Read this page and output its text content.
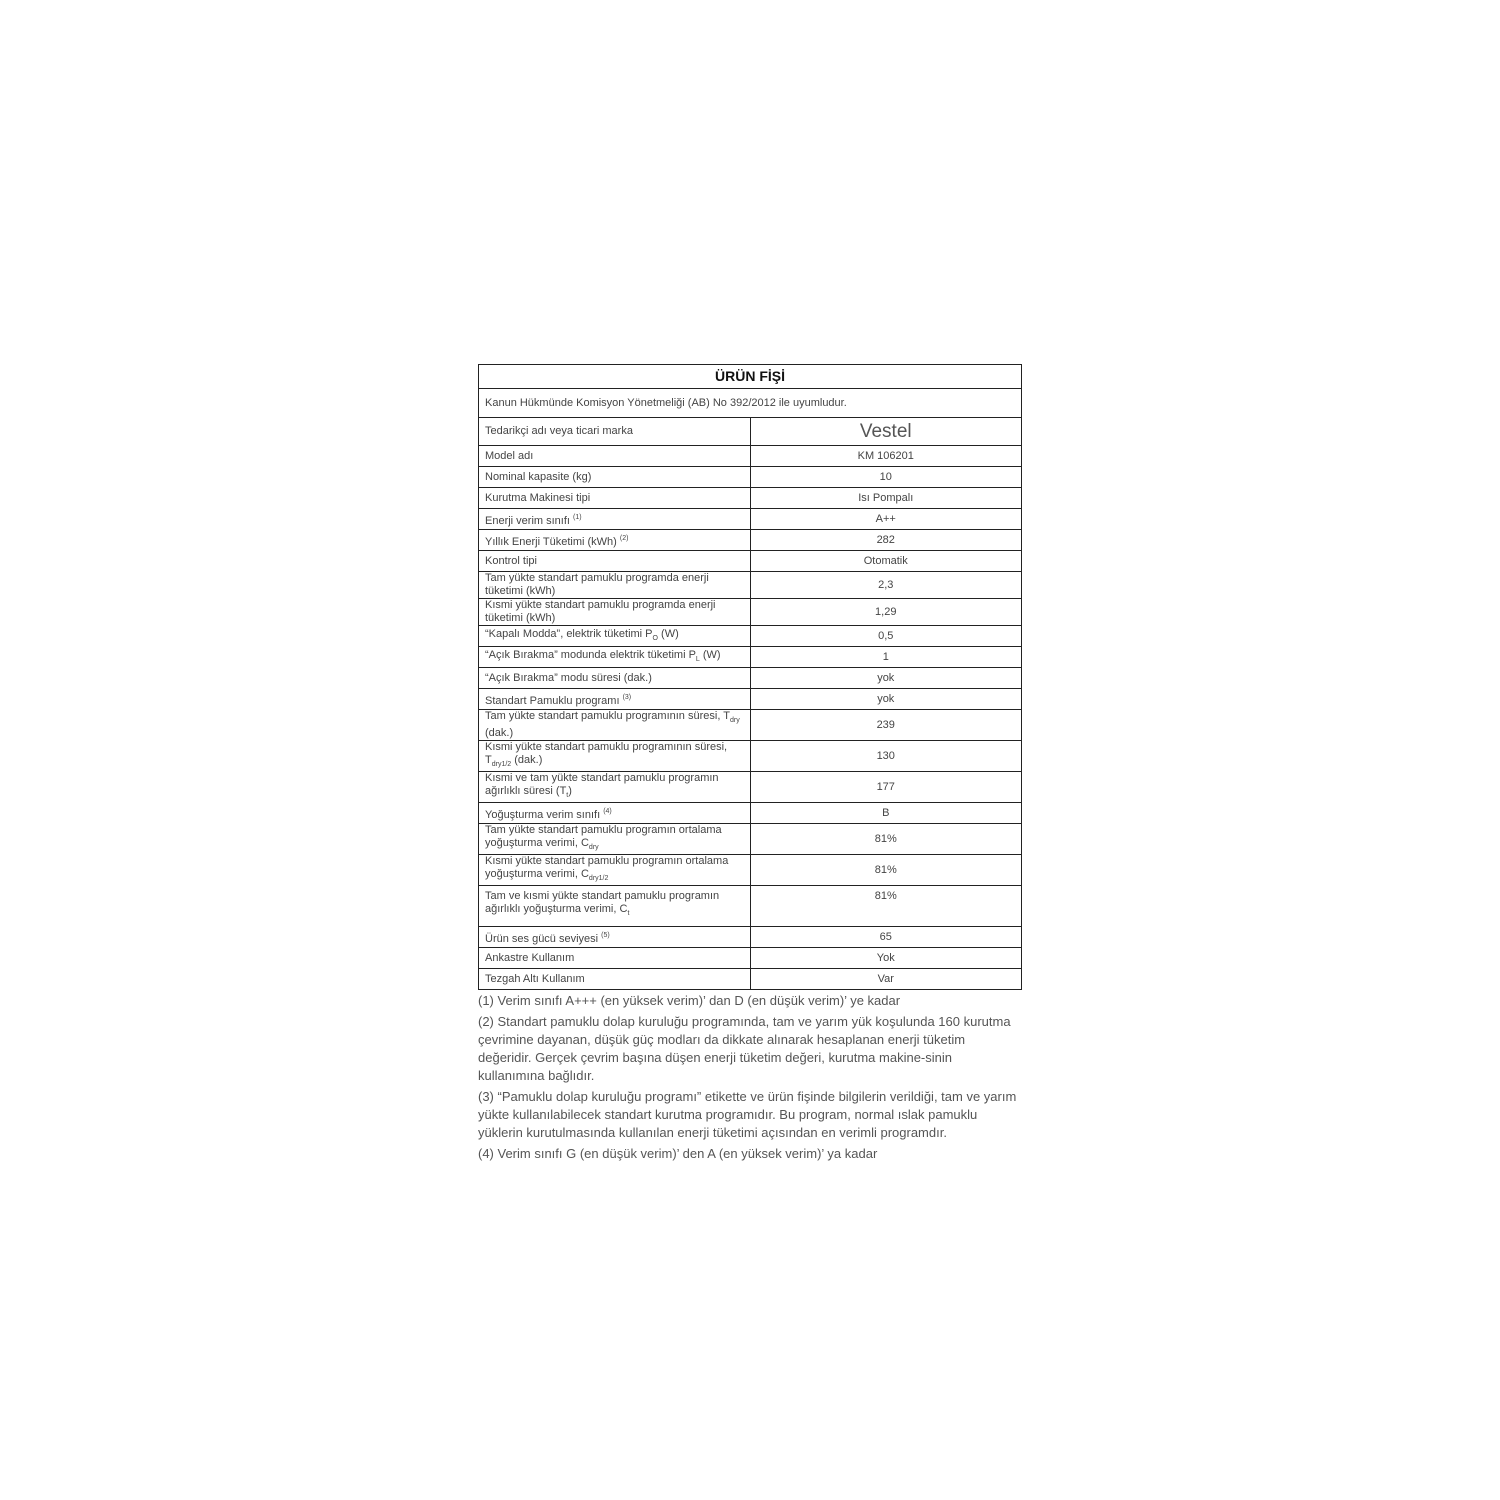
ÜRÜN FİŞİ	
Kanun Hükmünde Komisyon Yönetmeliği (AB) No 392/2012 ile uyumludur.	
Tedarikçi adı veya ticari marka	Vestel
Model adı	KM 106201
Nominal kapasite (kg)	10
Kurutma Makinesi tipi	Isı Pompalı
Enerji verim sınıfı $^{(1)}$	A++
Yıllık Enerji Tüketimi (kWh) $^{(2)}$	282
Kontrol tipi	Otomatik
Tam yükte standart pamuklu programda enerji tüketimi (kWh)	2,3
Kısmi yükte standart pamuklu programda enerji tüketimi (kWh)	1,29
“Kapalı Modda”, elektrik tüketimi $P_O$ (W)	0,5
“Açık Bırakma” modunda elektrik tüketimi $P_L$ (W)	1
“Açık Bırakma” modu süresi (dak.)	yok
Standart Pamuklu programı $^{(3)}$	yok
Tam yükte standart pamuklu programının süresi, $T_{dry}$ (dak.)	239
Kısmi yükte standart pamuklu programının süresi, $T_{dry1/2}$ (dak.)	130
Kısmi ve tam yükte standart pamuklu programın ağırlıklı süresi $(T_t)$	177
Yoğuşturma verim sınıfı $^{(4)}$	B
Tam yükte standart pamuklu programın ortalama yoğuşturma verimi, $C_{dry}$	81%
Kısmi yükte standart pamuklu programın ortalama yoğuşturma verimi, $C_{dry1/2}$	81%
Tam ve kısmi yükte standart pamuklu programın ağırlıklı yoğuşturma verimi, $C_t$	81%
Ürün ses gücü seviyesi $^{(5)}$	65
Ankastre Kullanım	Yok
Tezgah Altı Kullanım	Var

(1) Verim sınıfı A+++ (en yüksek verim)’ dan D (en düşük verim)’ ye kadar

(2) Standart pamuklu dolap kuruluğu programında, tam ve yarım yük koşulunda 160 kurutma çevrimine dayanan, düşük güç modları da dikkate alınarak hesaplanan enerji tüketim değeridir. Gerçek çevrim başına düşen enerji tüketim değeri, kurutma makine-sinin kullanımına bağlıdır.

(3) “Pamuklu dolap kuruluğu programı” etikette ve ürün fişinde bilgilerin verildiği, tam ve yarım yükte kullanılabilecek standart kurutma programıdır. Bu program, normal ıslak pamuklu yüklerin kurutulmasında kullanılan enerji tüketimi açısından en verimli programdır.

(4) Verim sınıfı G (en düşük verim)’ den A (en yüksek verim)’ ya kadar
